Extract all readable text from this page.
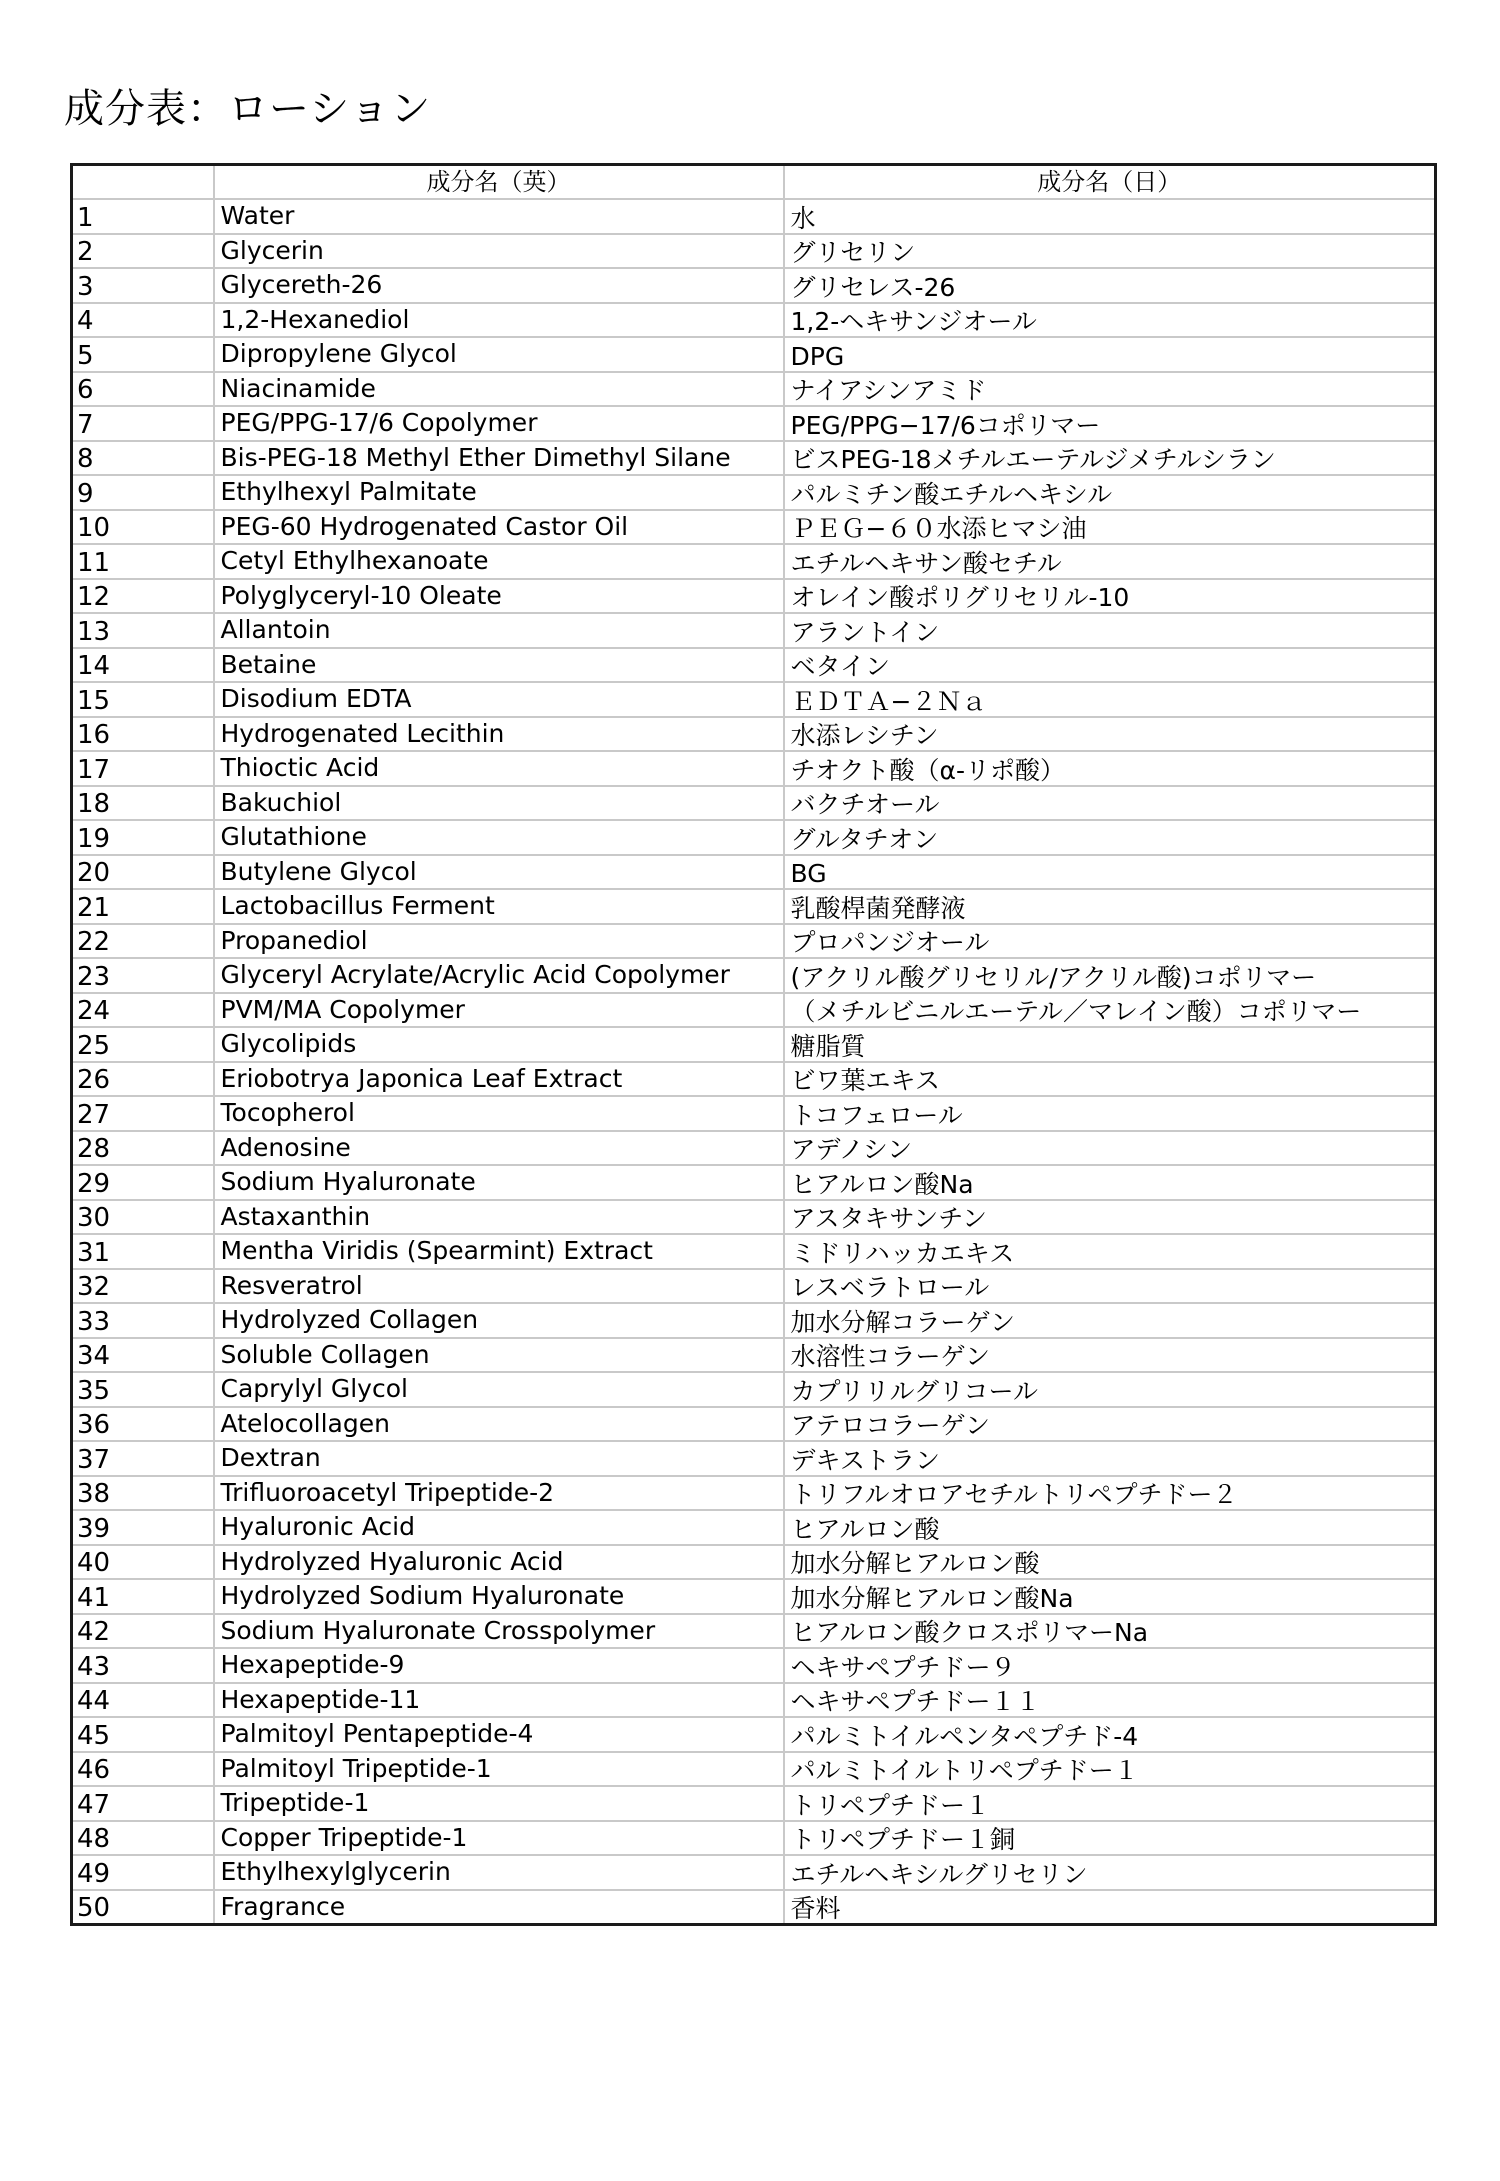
成分表：ローション
	成分名（英）	成分名（日）
1	Water	水
2	Glycerin	グリセリン
3	Glycereth-26	グリセレス-26
4	1,2-Hexanediol	1,2-ヘキサンジオール
5	Dipropylene Glycol	DPG
6	Niacinamide	ナイアシンアミド
7	PEG/PPG-17/6 Copolymer	PEG/PPG−17/6コポリマー
8	Bis-PEG-18 Methyl Ether Dimethyl Silane	ビスPEG-18メチルエーテルジメチルシラン
9	Ethylhexyl Palmitate	パルミチン酸エチルヘキシル
10	PEG-60 Hydrogenated Castor Oil	ＰＥＧ−６０水添ヒマシ油
11	Cetyl Ethylhexanoate	エチルヘキサン酸セチル
12	Polyglyceryl-10 Oleate	オレイン酸ポリグリセリル-10
13	Allantoin	アラントイン
14	Betaine	ベタイン
15	Disodium EDTA	ＥＤＴＡ−２Ｎａ
16	Hydrogenated Lecithin	水添レシチン
17	Thioctic Acid	チオクト酸（α-リポ酸）
18	Bakuchiol	バクチオール
19	Glutathione	グルタチオン
20	Butylene Glycol	BG
21	Lactobacillus Ferment	乳酸桿菌発酵液
22	Propanediol	プロパンジオール
23	Glyceryl Acrylate/Acrylic Acid Copolymer	(アクリル酸グリセリル/アクリル酸)コポリマー
24	PVM/MA Copolymer	（メチルビニルエーテル／マレイン酸）コポリマー
25	Glycolipids	糖脂質
26	Eriobotrya Japonica Leaf Extract	ビワ葉エキス
27	Tocopherol	トコフェロール
28	Adenosine	アデノシン
29	Sodium Hyaluronate	ヒアルロン酸Na
30	Astaxanthin	アスタキサンチン
31	Mentha Viridis (Spearmint) Extract	ミドリハッカエキス
32	Resveratrol	レスベラトロール
33	Hydrolyzed Collagen	加水分解コラーゲン
34	Soluble Collagen	水溶性コラーゲン
35	Caprylyl Glycol	カプリリルグリコール
36	Atelocollagen	アテロコラーゲン
37	Dextran	デキストラン
38	Trifluoroacetyl Tripeptide-2	トリフルオロアセチルトリペプチドー２
39	Hyaluronic Acid	ヒアルロン酸
40	Hydrolyzed Hyaluronic Acid	加水分解ヒアルロン酸
41	Hydrolyzed Sodium Hyaluronate	加水分解ヒアルロン酸Na
42	Sodium Hyaluronate Crosspolymer	ヒアルロン酸クロスポリマーNa
43	Hexapeptide-9	ヘキサペプチドー９
44	Hexapeptide-11	ヘキサペプチドー１１
45	Palmitoyl Pentapeptide-4	パルミトイルペンタペプチド-4
46	Palmitoyl Tripeptide-1	パルミトイルトリペプチドー１
47	Tripeptide-1	トリペプチドー１
48	Copper Tripeptide-1	トリペプチドー１銅
49	Ethylhexylglycerin	エチルヘキシルグリセリン
50	Fragrance	香料
